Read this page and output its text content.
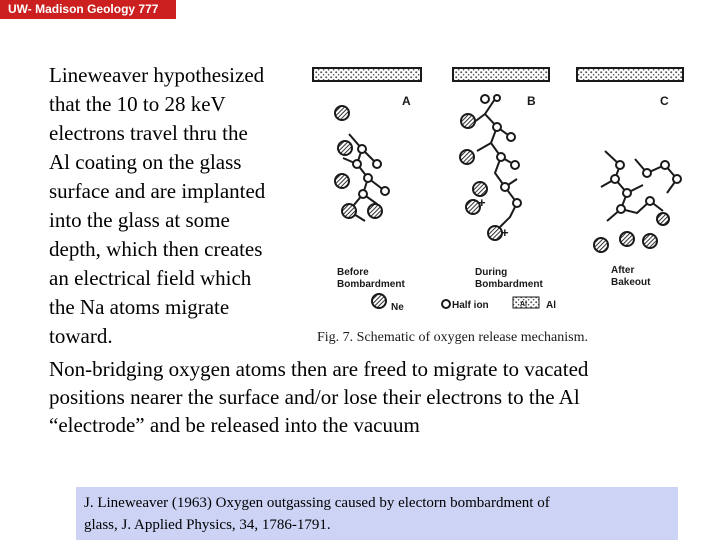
UW- Madison Geology 777
Lineweaver hypothesized
that the 10 to 28 keV
electrons travel thru the
Al coating on the glass
surface and are implanted
into the glass at some
depth, which then creates
an electrical field which
the Na atoms migrate
toward.
A	B	C
+
+
Before
Bombardment
During
Bombardment
After
Bakeout
Ne	Half ion	Al Al
Fig. 7. Schematic of oxygen release mechanism.
Non-bridging oxygen atoms then are freed to migrate to vacated
positions nearer the surface and/or lose their electrons to the Al
“electrode” and be released into the vacuum
J. Lineweaver (1963) Oxygen outgassing caused by electorn bombardment of
glass, J. Applied Physics, 34, 1786-1791.
